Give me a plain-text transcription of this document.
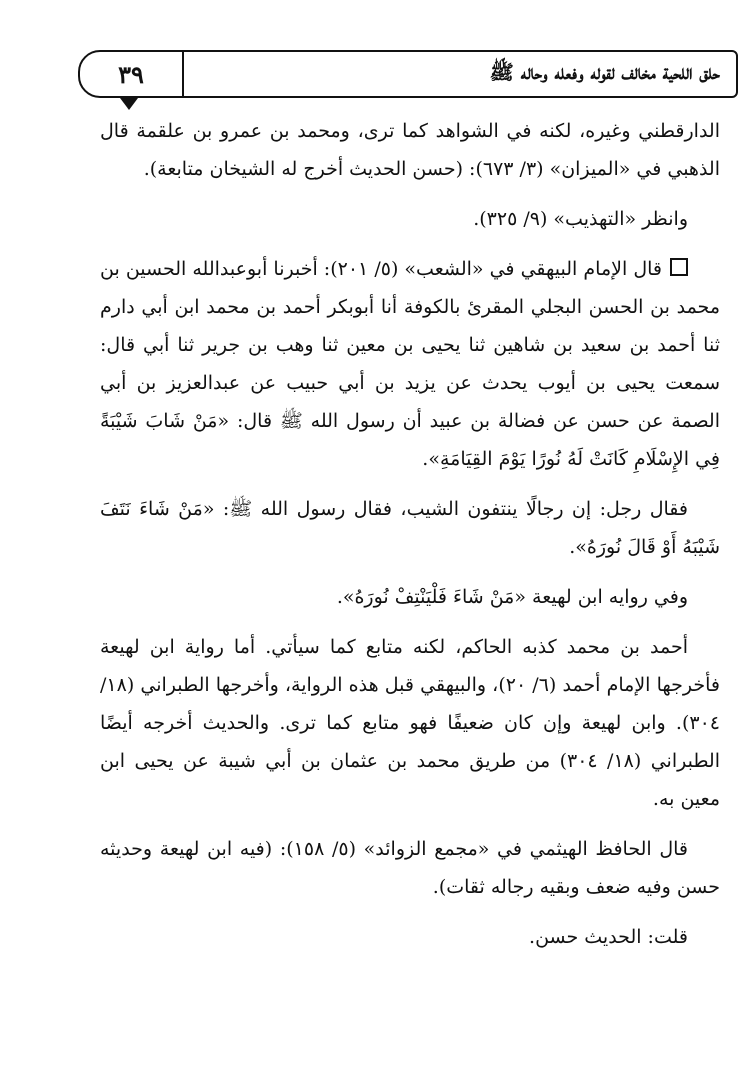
٣٩	حلق اللحية مخالف لقوله وفعله وحاله ﷺ

الدارقطني وغيره، لكنه في الشواهد كما ترى، ومحمد بن عمرو بن علقمة قال الذهبي في «الميزان» (٣/ ٦٧٣): (حسن الحديث أخرج له الشيخان متابعة).

وانظر «التهذيب» (٩/ ٣٢٥).

قال الإمام البيهقي في «الشعب» (٥/ ٢٠١): أخبرنا أبوعبدالله الحسين بن محمد بن الحسن البجلي المقرئ بالكوفة أنا أبوبكر أحمد بن محمد ابن أبي دارم ثنا أحمد بن سعيد بن شاهين ثنا يحيى بن معين ثنا وهب بن جرير ثنا أبي قال: سمعت يحيى بن أيوب يحدث عن يزيد بن أبي حبيب عن عبدالعزيز بن أبي الصمة عن حسن عن فضالة بن عبيد أن رسول الله ﷺ قال: «مَنْ شَابَ شَيْبَةً فِي الإِسْلَامِ كَانَتْ لَهُ نُورًا يَوْمَ القِيَامَةِ».

فقال رجل: إن رجالًا ينتفون الشيب، فقال رسول الله ﷺ: «مَنْ شَاءَ نَتَفَ شَيْبَهُ أَوْ قَالَ نُورَهُ».

وفي روايه ابن لهيعة «مَنْ شَاءَ فَلْيَنْتِفْ نُورَهُ».

أحمد بن محمد كذبه الحاكم، لكنه متابع كما سيأتي. أما رواية ابن لهيعة فأخرجها الإمام أحمد (٦/ ٢٠)، والبيهقي قبل هذه الرواية، وأخرجها الطبراني (١٨/ ٣٠٤). وابن لهيعة وإن كان ضعيفًا فهو متابع كما ترى. والحديث أخرجه أيضًا الطبراني (١٨/ ٣٠٤) من طريق محمد بن عثمان بن أبي شيبة عن يحيى ابن معين به.

قال الحافظ الهيثمي في «مجمع الزوائد» (٥/ ١٥٨): (فيه ابن لهيعة وحديثه حسن وفيه ضعف وبقيه رجاله ثقات).

قلت: الحديث حسن.
